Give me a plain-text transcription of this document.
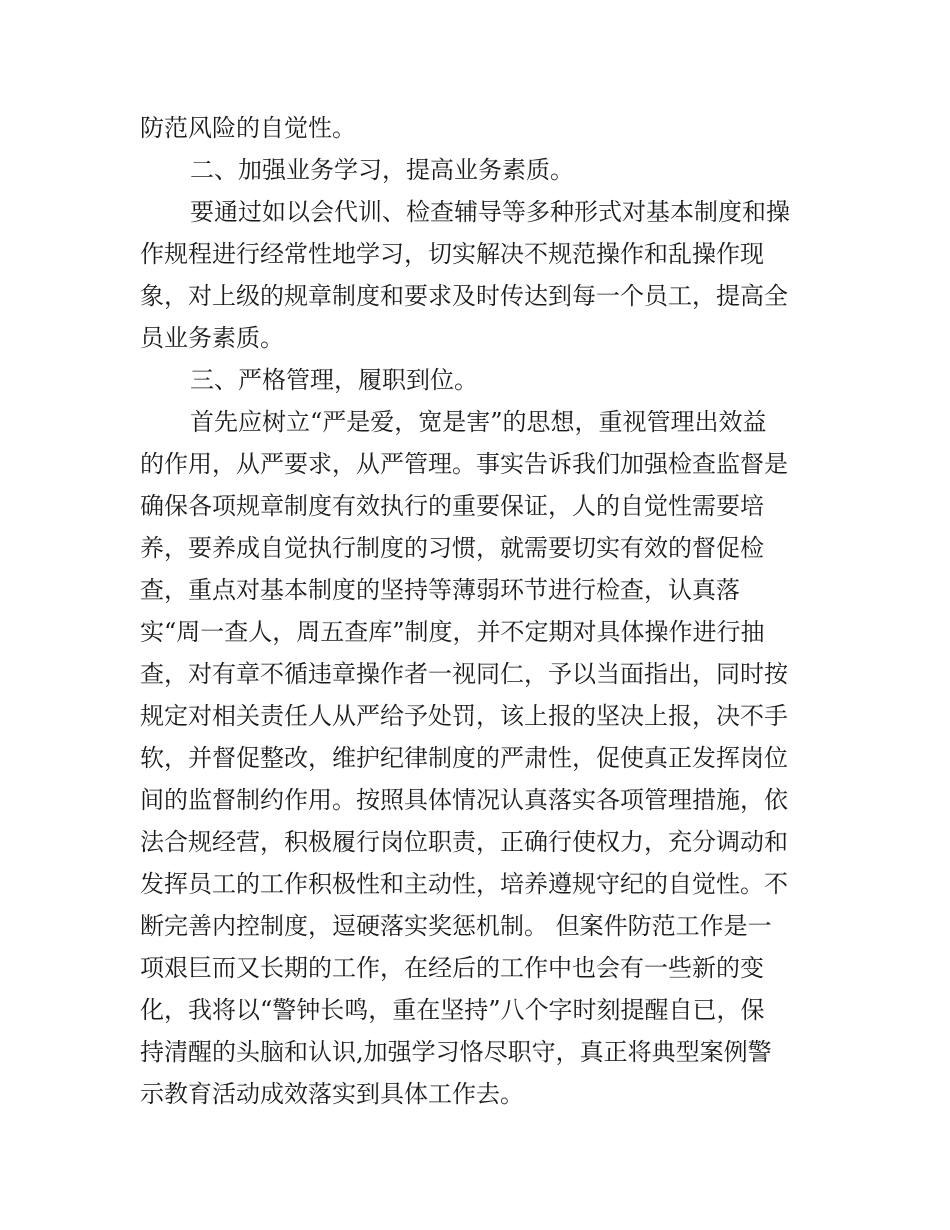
防范风险的自觉性。
二、加强业务学习，提高业务素质。
要通过如以会代训、检查辅导等多种形式对基本制度和操
作规程进行经常性地学习，切实解决不规范操作和乱操作现
象，对上级的规章制度和要求及时传达到每一个员工，提高全
员业务素质。
三、严格管理，履职到位。
首先应树立“严是爱，宽是害”的思想，重视管理出效益
的作用，从严要求，从严管理。事实告诉我们加强检查监督是
确保各项规章制度有效执行的重要保证，人的自觉性需要培
养，要养成自觉执行制度的习惯，就需要切实有效的督促检
查，重点对基本制度的坚持等薄弱环节进行检查，认真落
实“周一查人，周五查库”制度，并不定期对具体操作进行抽
查，对有章不循违章操作者一视同仁，予以当面指出，同时按
规定对相关责任人从严给予处罚，该上报的坚决上报，决不手
软，并督促整改，维护纪律制度的严肃性，促使真正发挥岗位
间的监督制约作用。按照具体情况认真落实各项管理措施，依
法合规经营，积极履行岗位职责，正确行使权力，充分调动和
发挥员工的工作积极性和主动性，培养遵规守纪的自觉性。不
断完善内控制度，逗硬落实奖惩机制。 但案件防范工作是一
项艰巨而又长期的工作，在经后的工作中也会有一些新的变
化，我将以“警钟长鸣，重在坚持”八个字时刻提醒自已，保
持清醒的头脑和认识,加强学习恪尽职守，真正将典型案例警
示教育活动成效落实到具体工作去。
